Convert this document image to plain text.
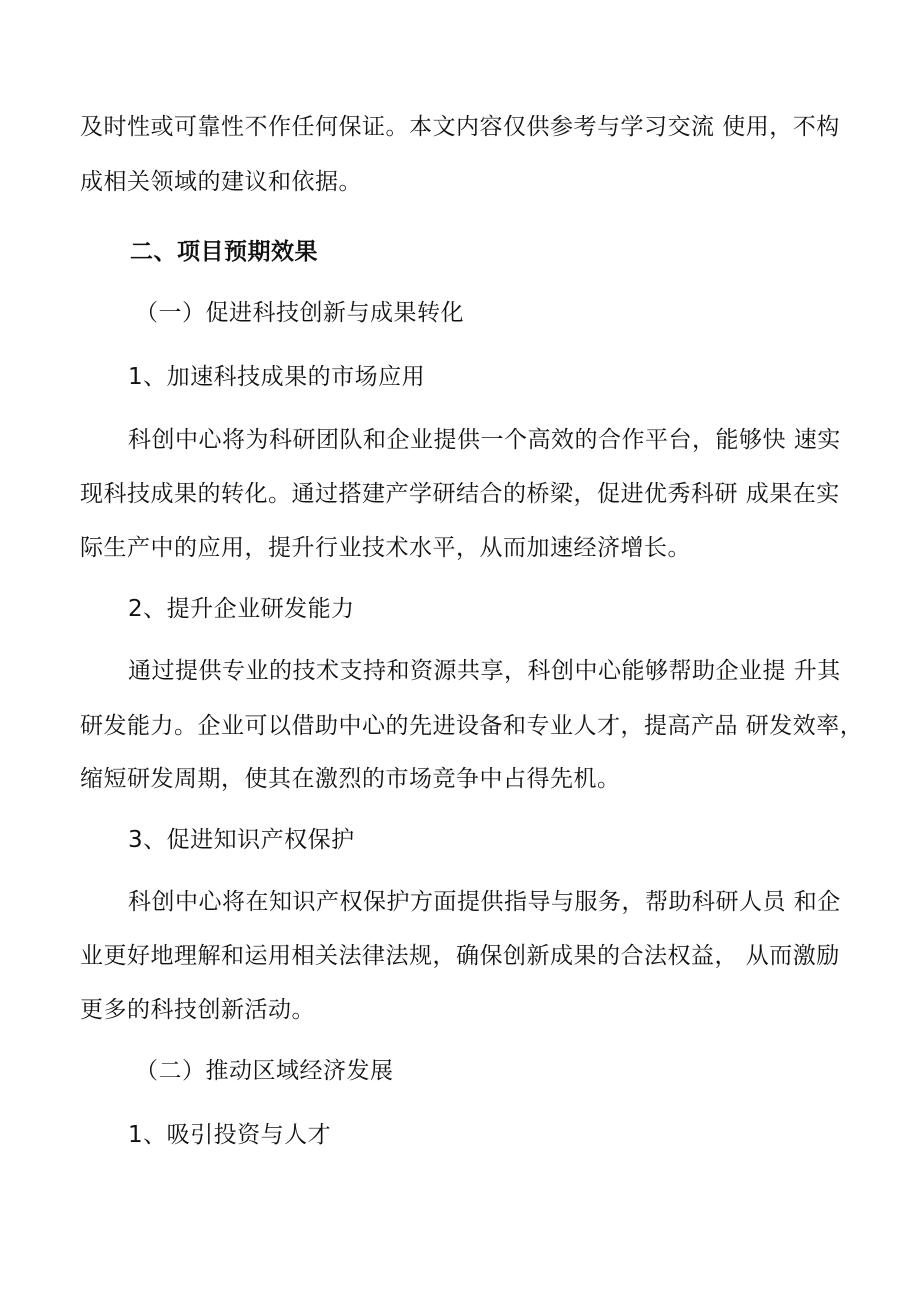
及时性或可靠性不作任何保证。本文内容仅供参考与学习交流 使用，不构
成相关领域的建议和依据。
二、项目预期效果
（一）促进科技创新与成果转化
1、加速科技成果的市场应用
科创中心将为科研团队和企业提供一个高效的合作平台，能够快 速实
现科技成果的转化。通过搭建产学研结合的桥梁，促进优秀科研 成果在实
际生产中的应用，提升行业技术水平，从而加速经济增长。
2、提升企业研发能力
通过提供专业的技术支持和资源共享，科创中心能够帮助企业提 升其
研发能力。企业可以借助中心的先进设备和专业人才，提高产品 研发效率，
缩短研发周期，使其在激烈的市场竞争中占得先机。
3、促进知识产权保护
科创中心将在知识产权保护方面提供指导与服务，帮助科研人员 和企
业更好地理解和运用相关法律法规，确保创新成果的合法权益， 从而激励
更多的科技创新活动。
（二）推动区域经济发展
1、吸引投资与人才
